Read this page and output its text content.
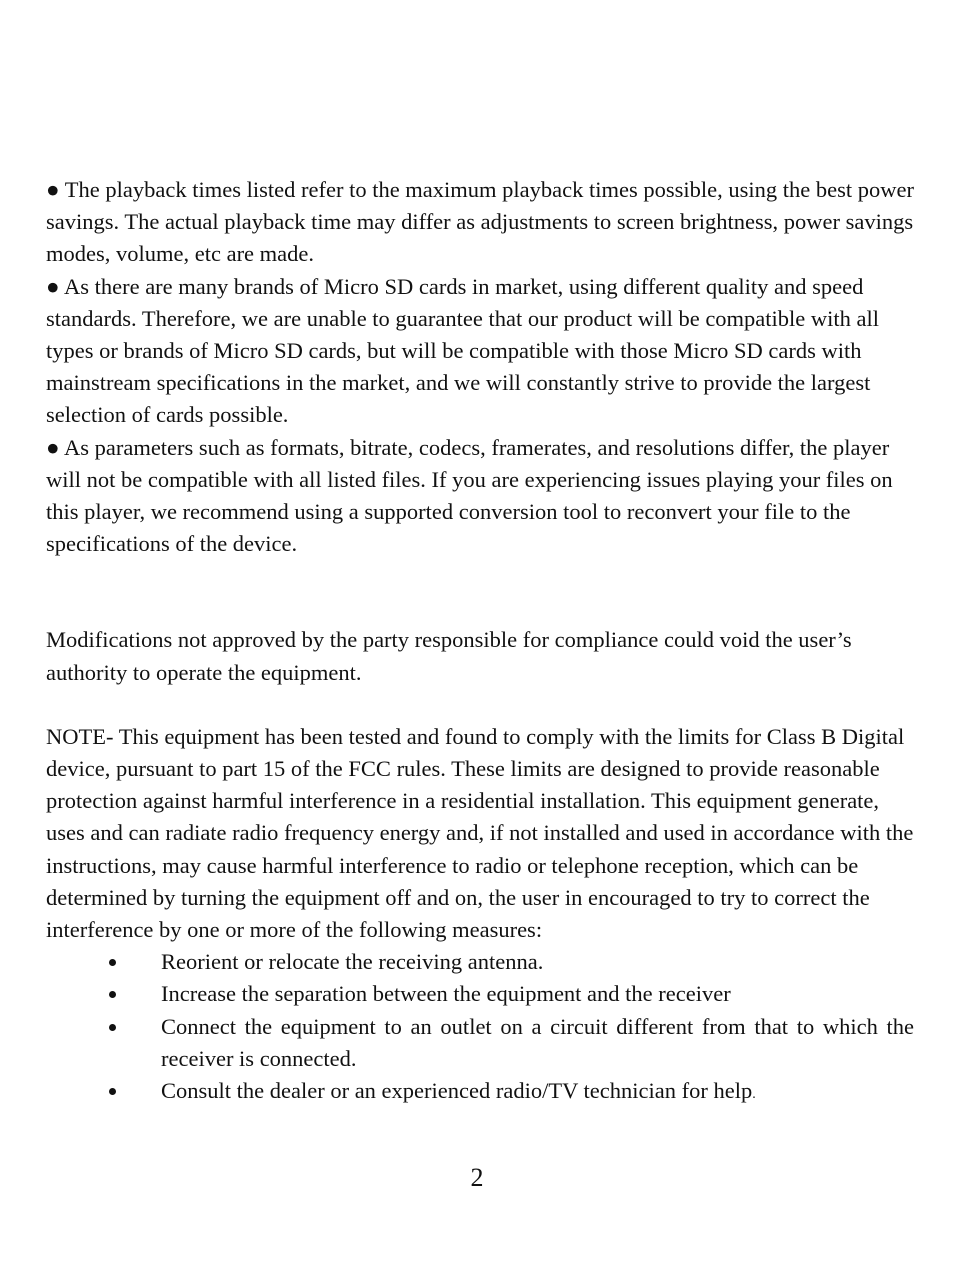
● The playback times listed refer to the maximum playback times possible, using the best power savings. The actual playback time may differ as adjustments to screen brightness, power savings modes, volume, etc are made.

● As there are many brands of Micro SD cards in market, using different quality and speed standards. Therefore, we are unable to guarantee that our product will be compatible with all types or brands of Micro SD cards, but will be compatible with those Micro SD cards with mainstream specifications in the market, and we will constantly strive to provide the largest selection of cards possible.

● As parameters such as formats, bitrate, codecs, framerates, and resolutions differ, the player will not be compatible with all listed files. If you are experiencing issues playing your files on this player, we recommend using a supported conversion tool to reconvert your file to the specifications of the device.

Modifications not approved by the party responsible for compliance could void the user’s authority to operate the equipment.

NOTE- This equipment has been tested and found to comply with the limits for Class B Digital device, pursuant to part 15 of the FCC rules. These limits are designed to provide reasonable protection against harmful interference in a residential installation. This equipment generate, uses and can radiate radio frequency energy and, if not installed and used in accordance with the instructions, may cause harmful interference to radio or telephone reception, which can be determined by turning the equipment off and on, the user in encouraged to try to correct the interference by one or more of the following measures:

Reorient or relocate the receiving antenna.
Increase the separation between the equipment and the receiver
Connect the equipment to an outlet on a circuit different from that to which the receiver is connected.
Consult the dealer or an experienced radio/TV technician for help.
2
